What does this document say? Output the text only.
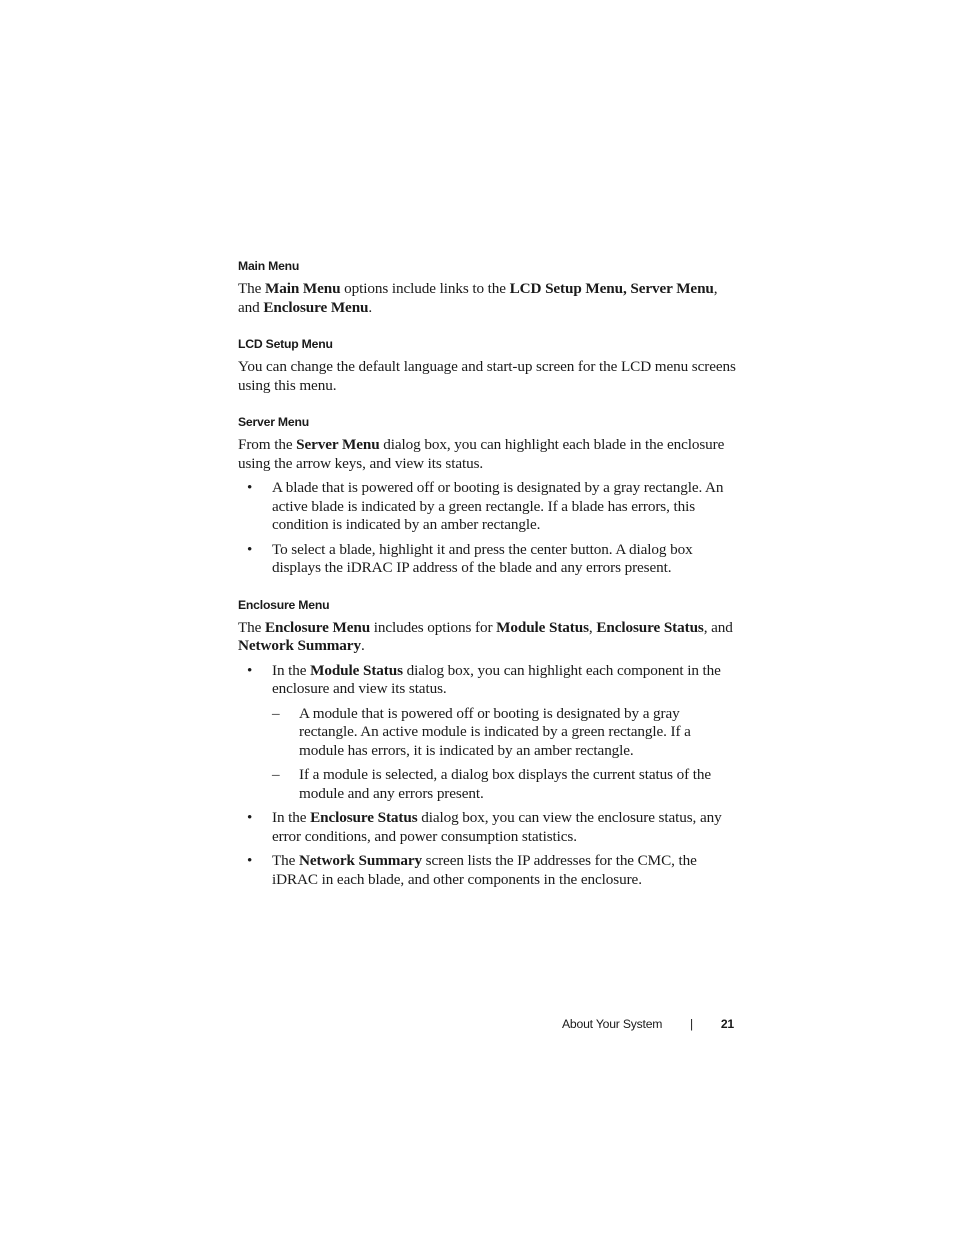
Main Menu

The Main Menu options include links to the LCD Setup Menu, Server Menu, and Enclosure Menu.

LCD Setup Menu

You can change the default language and start-up screen for the LCD menu screens using this menu.

Server Menu

From the Server Menu dialog box, you can highlight each blade in the enclosure using the arrow keys, and view its status.

• A blade that is powered off or booting is designated by a gray rectangle. An active blade is indicated by a green rectangle. If a blade has errors, this condition is indicated by an amber rectangle.
• To select a blade, highlight it and press the center button. A dialog box displays the iDRAC IP address of the blade and any errors present.
Enclosure Menu

The Enclosure Menu includes options for Module Status, Enclosure Status, and Network Summary.

• In the Module Status dialog box, you can highlight each component in the enclosure and view its status.
– A module that is powered off or booting is designated by a gray rectangle. An active module is indicated by a green rectangle. If a module has errors, it is indicated by an amber rectangle.
– If a module is selected, a dialog box displays the current status of the module and any errors present.
• In the Enclosure Status dialog box, you can view the enclosure status, any error conditions, and power consumption statistics.
• The Network Summary screen lists the IP addresses for the CMC, the iDRAC in each blade, and other components in the enclosure.
About Your System | 21
